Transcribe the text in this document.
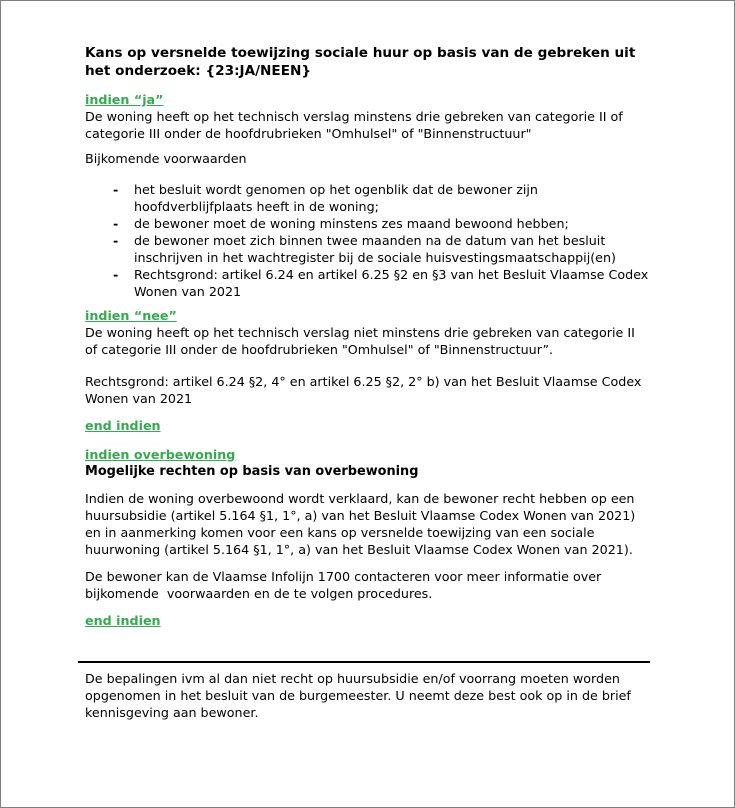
Kans op versnelde toewijzing sociale huur op basis van de gebreken uit het onderzoek: {23:JA/NEEN}
indien “ja”

De woning heeft op het technisch verslag minstens drie gebreken van categorie II of categorie III onder de hoofdrubrieken "Omhulsel" of "Binnenstructuur"

Bijkomende voorwaarden

-	het besluit wordt genomen op het ogenblik dat de bewoner zijn hoofdverblijfplaats heeft in de woning;
-	de bewoner moet de woning minstens zes maand bewoond hebben;
-	de bewoner moet zich binnen twee maanden na de datum van het besluit inschrijven in het wachtregister bij de sociale huisvestingsmaatschappij(en)
-	Rechtsgrond: artikel 6.24 en artikel 6.25 §2 en §3 van het Besluit Vlaamse Codex Wonen van 2021
indien “nee”

De woning heeft op het technisch verslag niet minstens drie gebreken van categorie II of categorie III onder de hoofdrubrieken "Omhulsel" of "Binnenstructuur”.

Rechtsgrond: artikel 6.24 §2, 4° en artikel 6.25 §2, 2° b) van het Besluit Vlaamse Codex Wonen van 2021

end indien
indien overbewoning
Mogelijke rechten op basis van overbewoning

Indien de woning overbewoond wordt verklaard, kan de bewoner recht hebben op een huursubsidie (artikel 5.164 §1, 1°, a) van het Besluit Vlaamse Codex Wonen van 2021) en in aanmerking komen voor een kans op versnelde toewijzing van een sociale huurwoning (artikel 5.164 §1, 1°, a) van het Besluit Vlaamse Codex Wonen van 2021).

De bewoner kan de Vlaamse Infolijn 1700 contacteren voor meer informatie over bijkomende  voorwaarden en de te volgen procedures.

end indien

De bepalingen ivm al dan niet recht op huursubsidie en/of voorrang moeten worden opgenomen in het besluit van de burgemeester. U neemt deze best ook op in de brief kennisgeving aan bewoner.
